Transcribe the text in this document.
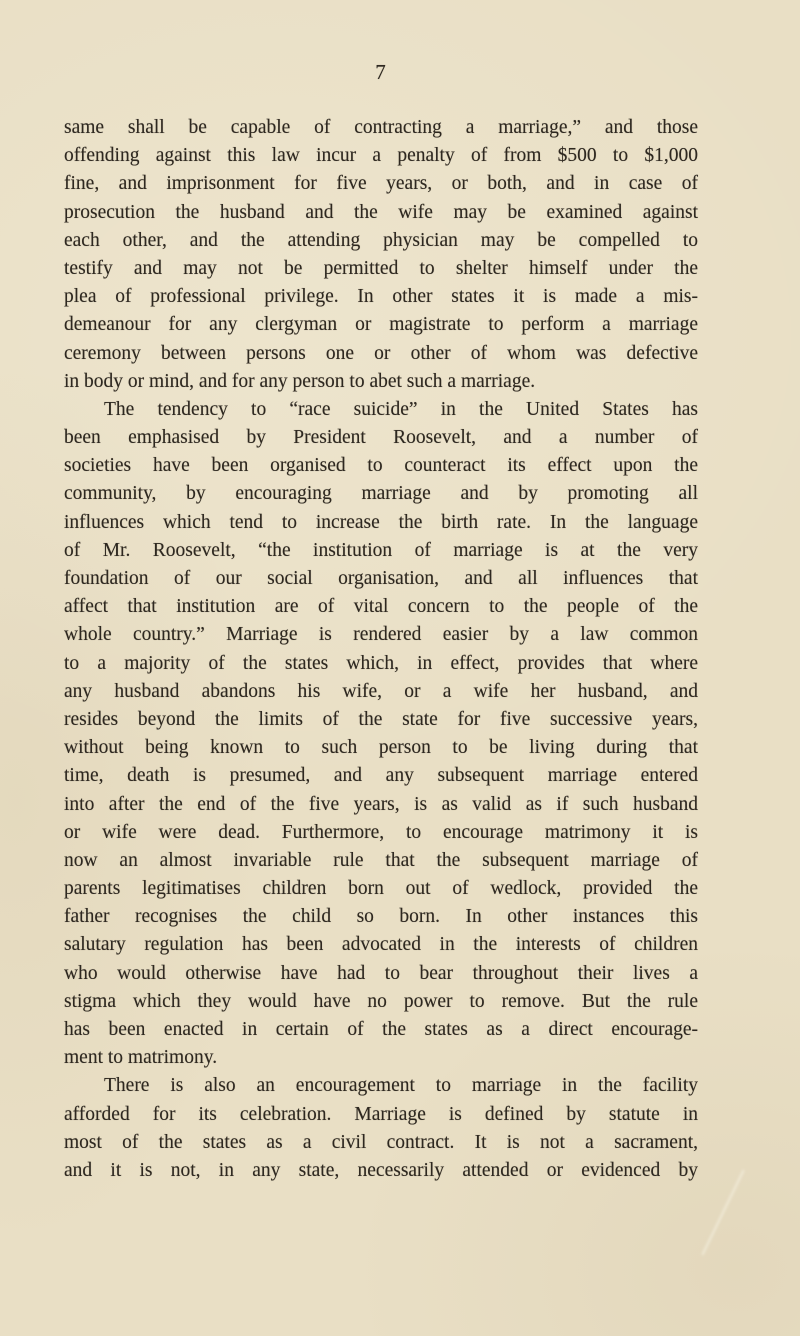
7
same shall be capable of contracting a marriage,” and those
offending against this law incur a penalty of from $500 to $1,000
fine, and imprisonment for five years, or both, and in case of
prosecution the husband and the wife may be examined against
each other, and the attending physician may be compelled to
testify and may not be permitted to shelter himself under the
plea of professional privilege. In other states it is made a mis-
demeanour for any clergyman or magistrate to perform a marriage
ceremony between persons one or other of whom was defective
in body or mind, and for any person to abet such a marriage.
The tendency to “race suicide” in the United States has
been emphasised by President Roosevelt, and a number of
societies have been organised to counteract its effect upon the
community, by encouraging marriage and by promoting all
influences which tend to increase the birth rate. In the language
of Mr. Roosevelt, “the institution of marriage is at the very
foundation of our social organisation, and all influences that
affect that institution are of vital concern to the people of the
whole country.” Marriage is rendered easier by a law common
to a majority of the states which, in effect, provides that where
any husband abandons his wife, or a wife her husband, and
resides beyond the limits of the state for five successive years,
without being known to such person to be living during that
time, death is presumed, and any subsequent marriage entered
into after the end of the five years, is as valid as if such husband
or wife were dead. Furthermore, to encourage matrimony it is
now an almost invariable rule that the subsequent marriage of
parents legitimatises children born out of wedlock, provided the
father recognises the child so born. In other instances this
salutary regulation has been advocated in the interests of children
who would otherwise have had to bear throughout their lives a
stigma which they would have no power to remove. But the rule
has been enacted in certain of the states as a direct encourage-
ment to matrimony.
There is also an encouragement to marriage in the facility
afforded for its celebration. Marriage is defined by statute in
most of the states as a civil contract. It is not a sacrament,
and it is not, in any state, necessarily attended or evidenced by
